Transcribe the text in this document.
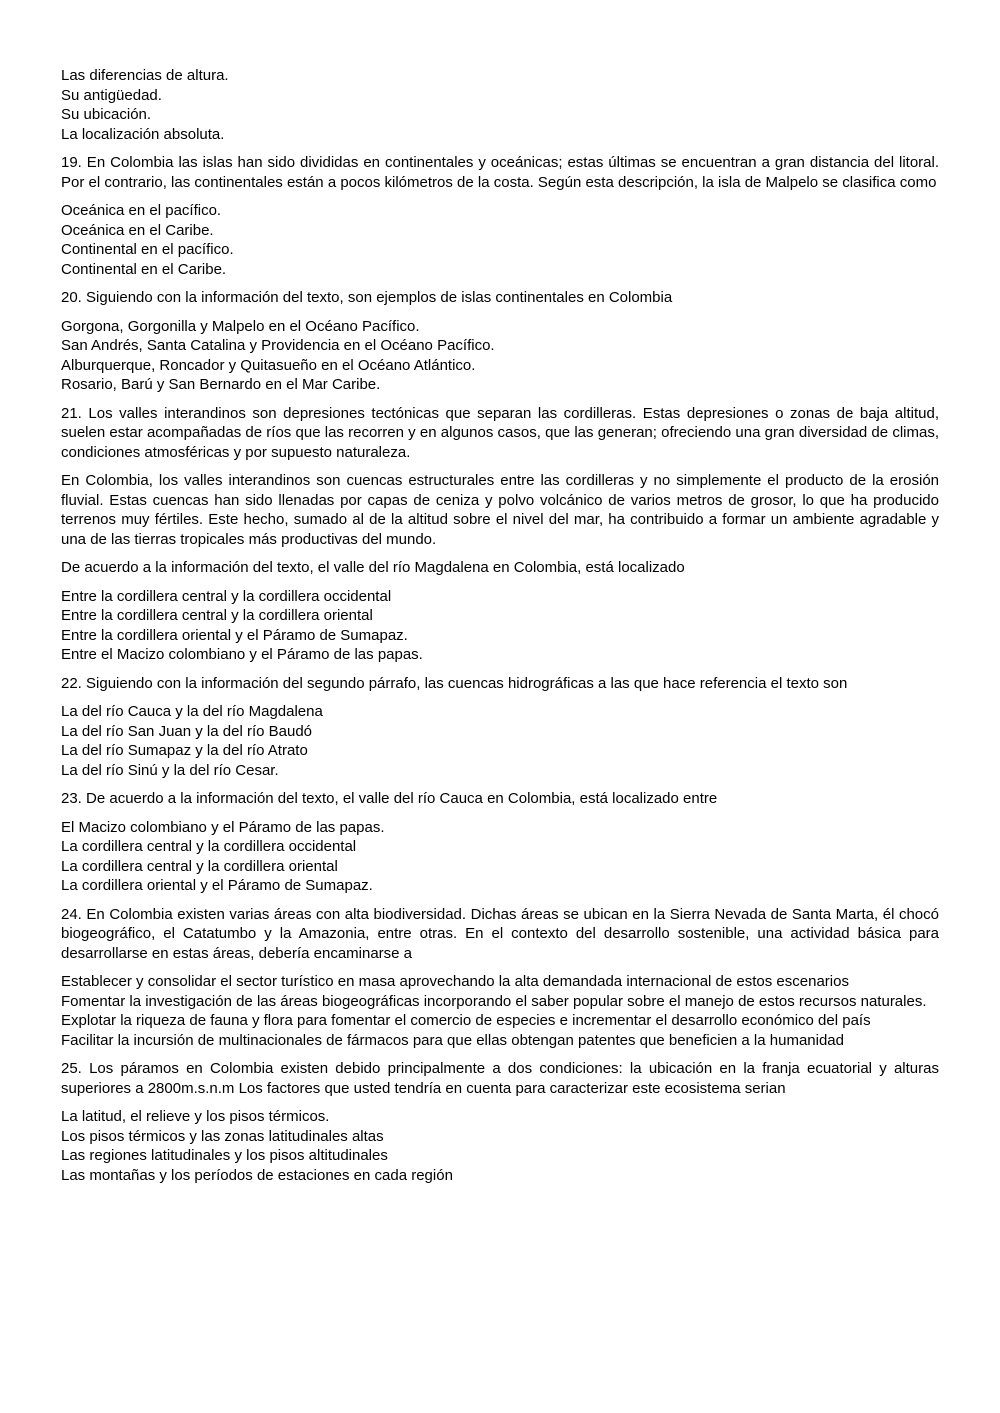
Las diferencias de altura.
Su antigüedad.
Su ubicación.
La localización absoluta.

19. En Colombia las islas han sido divididas en continentales y oceánicas; estas últimas se encuentran a gran distancia del litoral. Por el contrario, las continentales están a pocos kilómetros de la costa. Según esta descripción, la isla de Malpelo se clasifica como

Oceánica en el pacífico.
Oceánica en el Caribe.
Continental en el pacífico.
Continental en el Caribe.

20. Siguiendo con la información del texto, son ejemplos de islas continentales en Colombia

Gorgona, Gorgonilla y Malpelo en el Océano Pacífico.
San Andrés, Santa Catalina y Providencia en el Océano Pacífico.
Alburquerque, Roncador y Quitasueño en el Océano Atlántico.
Rosario, Barú y San Bernardo en el Mar Caribe.

21. Los valles interandinos son depresiones tectónicas que separan las cordilleras. Estas depresiones o zonas de baja altitud, suelen estar acompañadas de ríos que las recorren y en algunos casos, que las generan; ofreciendo una gran diversidad de climas, condiciones atmosféricas y por supuesto naturaleza.

En Colombia, los valles interandinos son cuencas estructurales entre las cordilleras y no simplemente el producto de la erosión fluvial. Estas cuencas han sido llenadas por capas de ceniza y polvo volcánico de varios metros de grosor, lo que ha producido terrenos muy fértiles. Este hecho, sumado al de la altitud sobre el nivel del mar, ha contribuido a formar un ambiente agradable y una de las tierras tropicales más productivas del mundo.

De acuerdo a la información del texto, el valle del río Magdalena en Colombia, está localizado

Entre la cordillera central y la cordillera occidental
Entre la cordillera central y la cordillera oriental
Entre la cordillera oriental y el Páramo de Sumapaz.
Entre el Macizo colombiano y el Páramo de las papas.

22. Siguiendo con la información del segundo párrafo, las cuencas hidrográficas a las que hace referencia el texto son

La del río Cauca y la del río Magdalena
La del río San Juan y la del río Baudó
La del río Sumapaz y la del río Atrato
La del río Sinú y la del río Cesar.

23. De acuerdo a la información del texto, el valle del río Cauca en Colombia, está localizado entre

El Macizo colombiano y el Páramo de las papas.
La cordillera central y la cordillera occidental
La cordillera central y la cordillera oriental
La cordillera oriental y el Páramo de Sumapaz.

24. En Colombia existen varias áreas con alta biodiversidad. Dichas áreas se ubican en la Sierra Nevada de Santa Marta, él chocó biogeográfico, el Catatumbo y la Amazonia, entre otras. En el contexto del desarrollo sostenible, una actividad básica para desarrollarse en estas áreas, debería encaminarse a

Establecer y consolidar el sector turístico en masa aprovechando la alta demandada internacional de estos escenarios
Fomentar la investigación de las áreas biogeográficas incorporando el saber popular sobre el manejo de estos recursos naturales.
Explotar la riqueza de fauna y flora para fomentar el comercio de especies e incrementar el desarrollo económico del país
Facilitar la incursión de multinacionales de fármacos para que ellas obtengan patentes que beneficien a la humanidad

25. Los páramos en Colombia existen debido principalmente a dos condiciones: la ubicación en la franja ecuatorial y alturas superiores a 2800m.s.n.m Los factores que usted tendría en cuenta para caracterizar este ecosistema serian

La latitud, el relieve y los pisos térmicos.
Los pisos térmicos y las zonas latitudinales altas
Las regiones latitudinales y los pisos altitudinales
Las montañas y los períodos de estaciones en cada región
